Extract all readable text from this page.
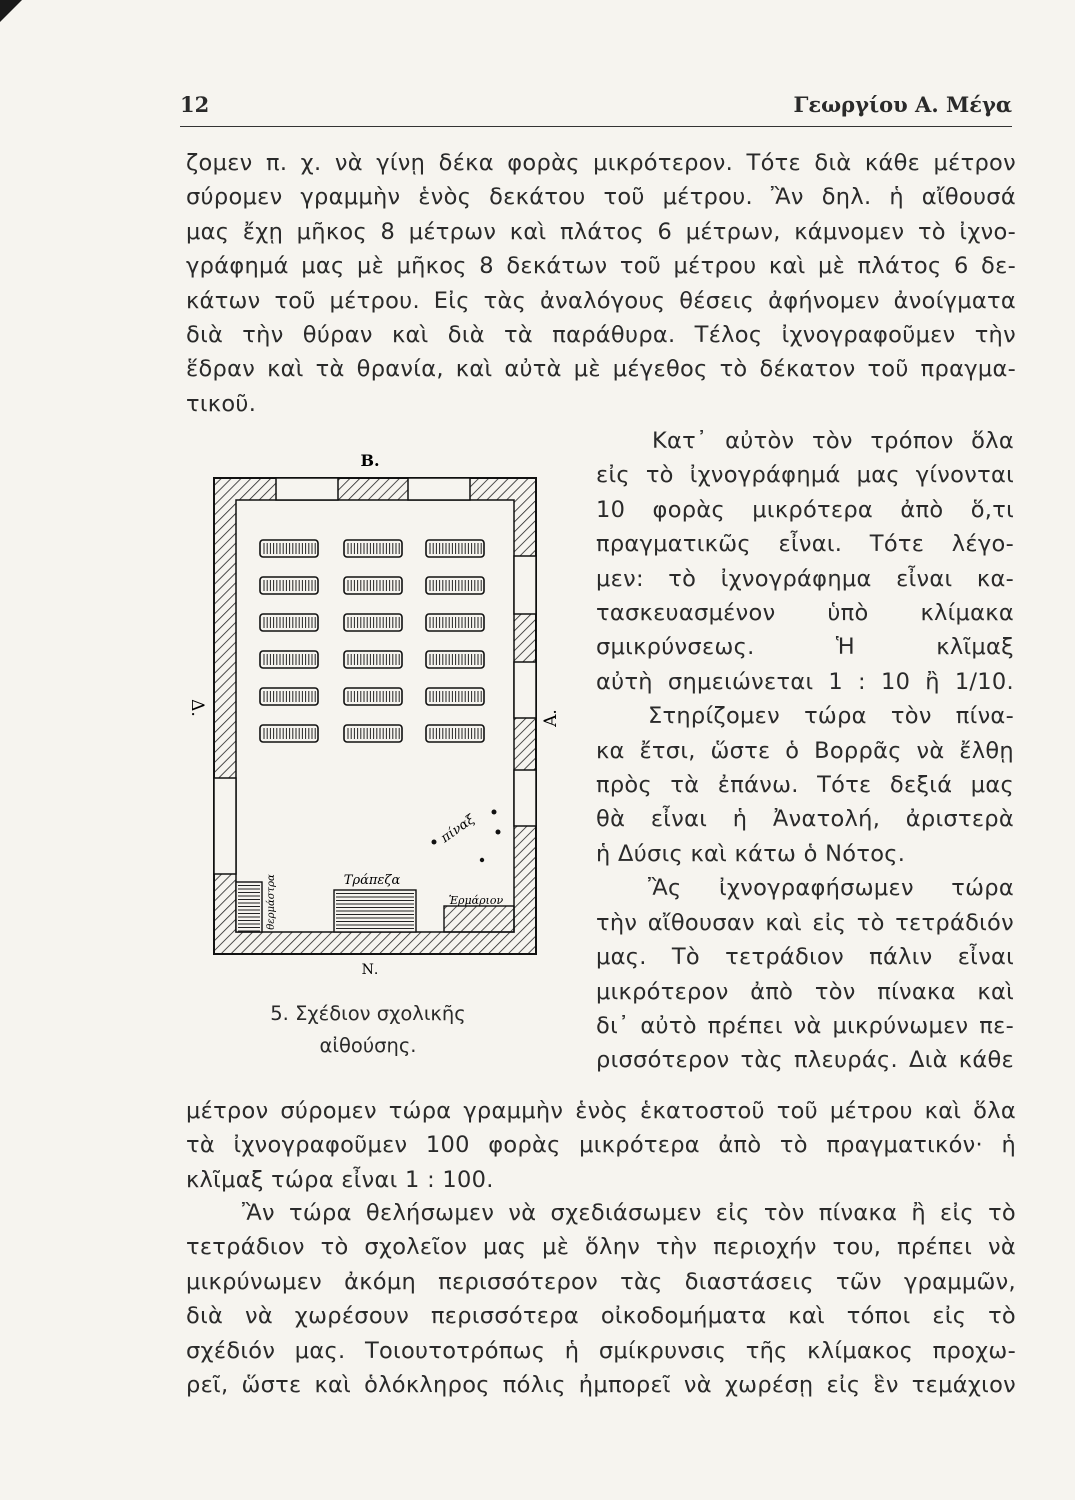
12	Γεωργίου Α. Μέγα
ζομεν π. χ. νὰ γίνῃ δέκα φορὰς μικρότερον. Τότε διὰ κάθε μέτρον
σύρομεν γραμμὴν ἑνὸς δεκάτου τοῦ μέτρου. Ἂν δηλ. ἡ αἴθουσά
μας ἔχῃ μῆκος 8 μέτρων καὶ πλάτος 6 μέτρων, κάμνομεν τὸ ἰχνο-
γράφημά μας μὲ μῆκος 8 δεκάτων τοῦ μέτρου καὶ μὲ πλάτος 6 δε-
κάτων τοῦ μέτρου. Εἰς τὰς ἀναλόγους θέσεις ἀφήνομεν ἀνοίγματα
διὰ τὴν θύραν καὶ διὰ τὰ παράθυρα. Τέλος ἰχνογραφοῦμεν τὴν
ἕδραν καὶ τὰ θρανία, καὶ αὐτὰ μὲ μέγεθος τὸ δέκατον τοῦ πραγμα-
τικοῦ.
Κατ᾽ αὐτὸν τὸν τρόπον ὅλα
εἰς τὸ ἰχνογράφημά μας γίνονται
10 φορὰς μικρότερα ἀπὸ ὅ,τι
πραγματικῶς εἶναι. Τότε λέγο-
μεν: τὸ ἰχνογράφημα εἶναι κα-
τασκευασμένον ὑπὸ κλίμακα
σμικρύνσεως. Ἡ κλῖμαξ
αὐτὴ σημειώνεται 1 : 10 ἢ 1/10.
Στηρίζομεν τώρα τὸν πίνα-
κα ἔτσι, ὥστε ὁ Βορρᾶς νὰ ἔλθῃ
πρὸς τὰ ἐπάνω. Τότε δεξιά μας
θὰ εἶναι ἡ Ἀνατολή, ἀριστερὰ
ἡ Δύσις καὶ κάτω ὁ Νότος.
Ἂς ἰχνογραφήσωμεν τώρα
τὴν αἴθουσαν καὶ εἰς τὸ τετράδιόν
μας. Τὸ τετράδιον πάλιν εἶναι
μικρότερον ἀπὸ τὸν πίνακα καὶ
δι᾽ αὐτὸ πρέπει νὰ μικρύνωμεν πε-
ρισσότερον τὰς πλευράς. Διὰ κάθε
μέτρον σύρομεν τώρα γραμμὴν ἑνὸς ἑκατοστοῦ τοῦ μέτρου καὶ ὅλα
τὰ ἰχνογραφοῦμεν 100 φορὰς μικρότερα ἀπὸ τὸ πραγματικόν· ἡ
κλῖμαξ τώρα εἶναι 1 : 100.
Ἂν τώρα θελήσωμεν νὰ σχεδιάσωμεν εἰς τὸν πίνακα ἢ εἰς τὸ
τετράδιον τὸ σχολεῖον μας μὲ ὅλην τὴν περιοχήν του, πρέπει νὰ
μικρύνωμεν ἀκόμη περισσότερον τὰς διαστάσεις τῶν γραμμῶν,
διὰ νὰ χωρέσουν περισσότερα οἰκοδομήματα καὶ τόποι εἰς τὸ
σχέδιόν μας. Τοιουτοτρόπως ἡ σμίκρυνσις τῆς κλίμακος προχω-
ρεῖ, ὥστε καὶ ὁλόκληρος πόλις ἠμπορεῖ νὰ χωρέσῃ εἰς ἓν τεμάχιον
Β.
Ν.
Α.
Δ.
Τράπεζα
πίναξ
Ἑρμάριον
θερμάστρα
5. Σχέδιον σχολικῆς
αἰθούσης.
